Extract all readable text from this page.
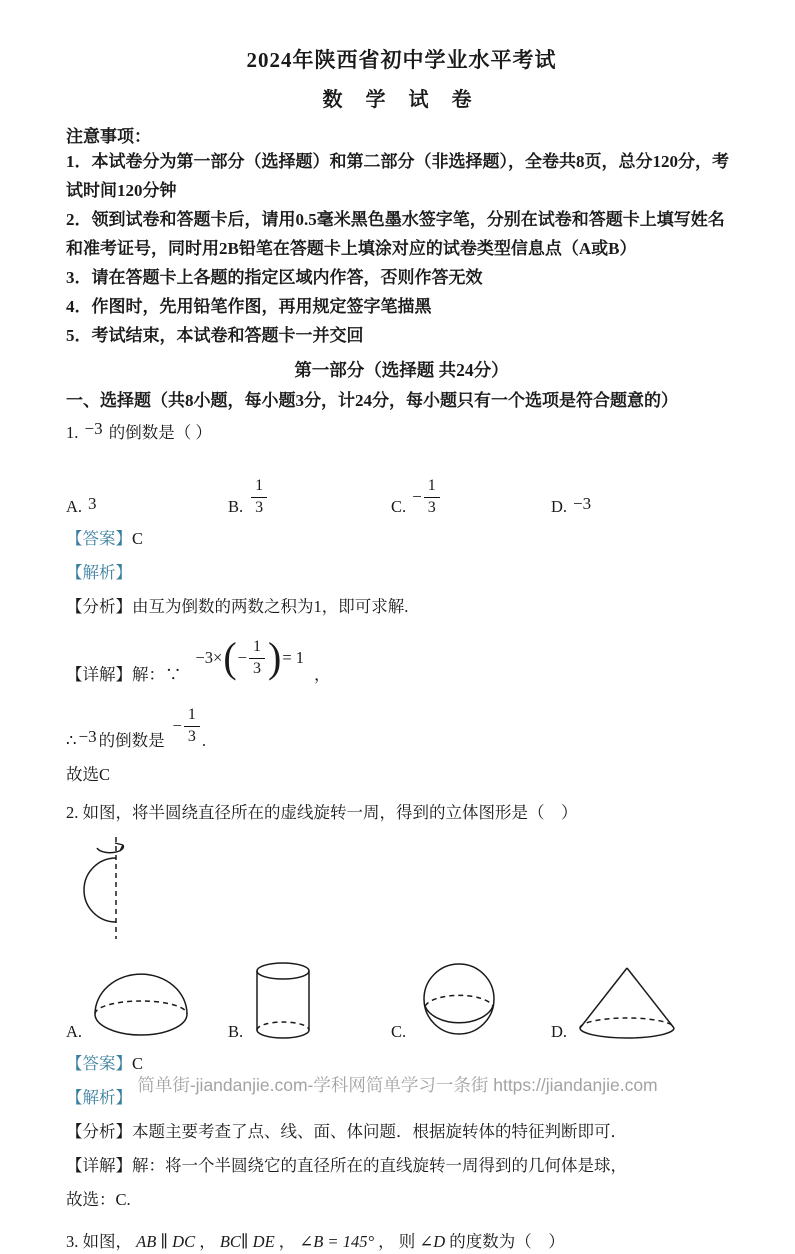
2024年陕西省初中学业水平考试

数 学 试 卷

注意事项：

1．本试卷分为第一部分（选择题）和第二部分（非选择题），全卷共8页，总分120分，考试时间120分钟

2．领到试卷和答题卡后，请用0.5毫米黑色墨水签字笔，分别在试卷和答题卡上填写姓名和准考证号，同时用2B铅笔在答题卡上填涂对应的试卷类型信息点（A或B）

3．请在答题卡上各题的指定区域内作答，否则作答无效

4．作图时，先用铅笔作图，再用规定签字笔描黑

5．考试结束，本试卷和答题卡一并交回

第一部分（选择题 共24分）

一、选择题（共8小题，每小题3分，计24分，每小题只有一个选项是符合题意的）

1. −3 的倒数是（ ）

A. 3	B. $\frac{1}{3}$	C.
− $\frac{1}{3}$	D. −3

【答案】C

【解析】

【分析】由互为倒数的两数之积为1，即可求解.

【详解】 解：∵
−3× ( − $\frac{1}{3}$ ) = 1
，
∴ −3 的倒数是
− $\frac{1}{3}$ .

故选C

2. 如图，将半圆绕直径所在的虚线旋转一周，得到的立体图形是（　）

A.	B.	C.	D.

【答案】C

【解析】

【分析】本题主要考查了点、线、面、体问题．根据旋转体的特征判断即可．

【详解】解：将一个半圆绕它的直径所在的直线旋转一周得到的几何体是球，

故选：C.

3. 如图， AB ∥ DC ， BC∥ DE ， ∠B = 145° ， 则 ∠D 的度数为（　）

简单街-jiandanjie.com-学科网简单学习一条街 https://jiandanjie.com
